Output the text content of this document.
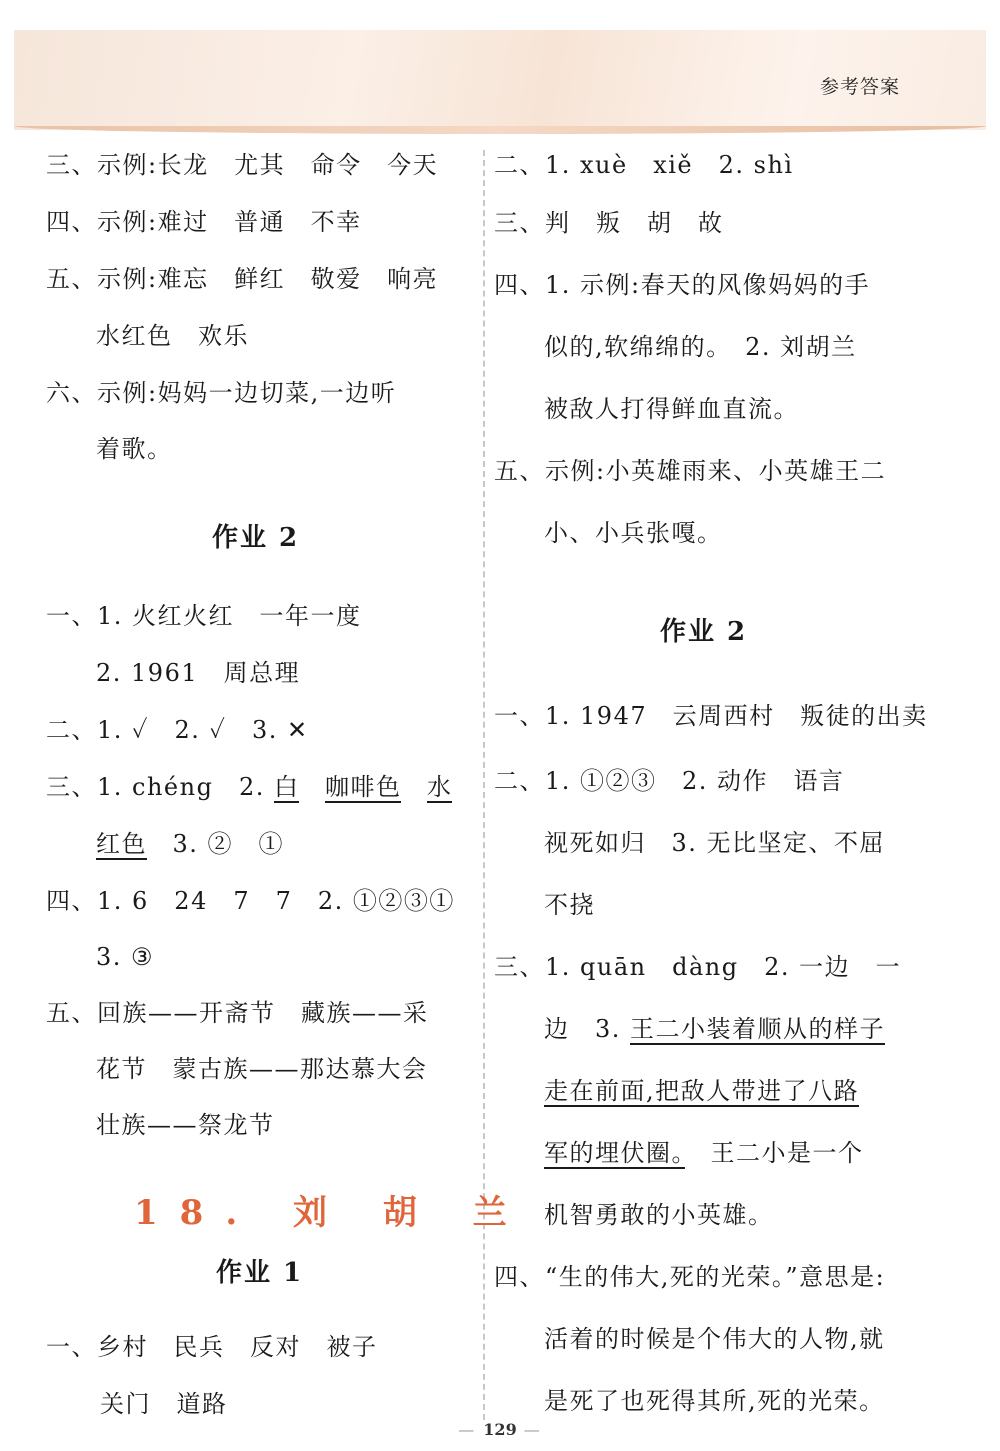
参考答案
三、示例:长龙　尤其　命令　今天
四、示例:难过　普通　不幸
五、示例:难忘　鲜红　敬爱　响亮
水红色　欢乐
六、示例:妈妈一边切菜,一边听
着歌。
作业 2
一、1. 火红火红　一年一度
2. 1961　周总理
二、1. ✓　2. ✓　3. ✕
三、1. chéng　2. 白　 咖啡色　 水
红色　3. ②　①
四、1. 6　24　7　7　2. ①②③①
3. ③
五、回族——开斋节　藏族——采
花节　蒙古族——那达慕大会
壮族——祭龙节
18. 刘 胡 兰
作业 1
一、乡村　民兵　反对　被子
关门　道路
二、1. xuè　xiě　2. shì
三、判　叛　胡　故
四、1. 示例:春天的风像妈妈的手
似的,软绵绵的。　2. 刘胡兰
被敌人打得鲜血直流。
五、示例:小英雄雨来、小英雄王二
小、小兵张嘎。
作业 2
一、1. 1947　云周西村　叛徒的出卖
二、1. ①②③　2. 动作　语言
视死如归　3. 无比坚定、不屈
不挠
三、1. quān　dàng　2. 一边　一
边　3. 王二小装着顺从的样子
走在前面,把敌人带进了八路
军的埋伏圈。　王二小是一个
机智勇敢的小英雄。
四、“生的伟大,死的光荣。”意思是:
活着的时候是个伟大的人物,就
是死了也死得其所,死的光荣。
— 129 —
